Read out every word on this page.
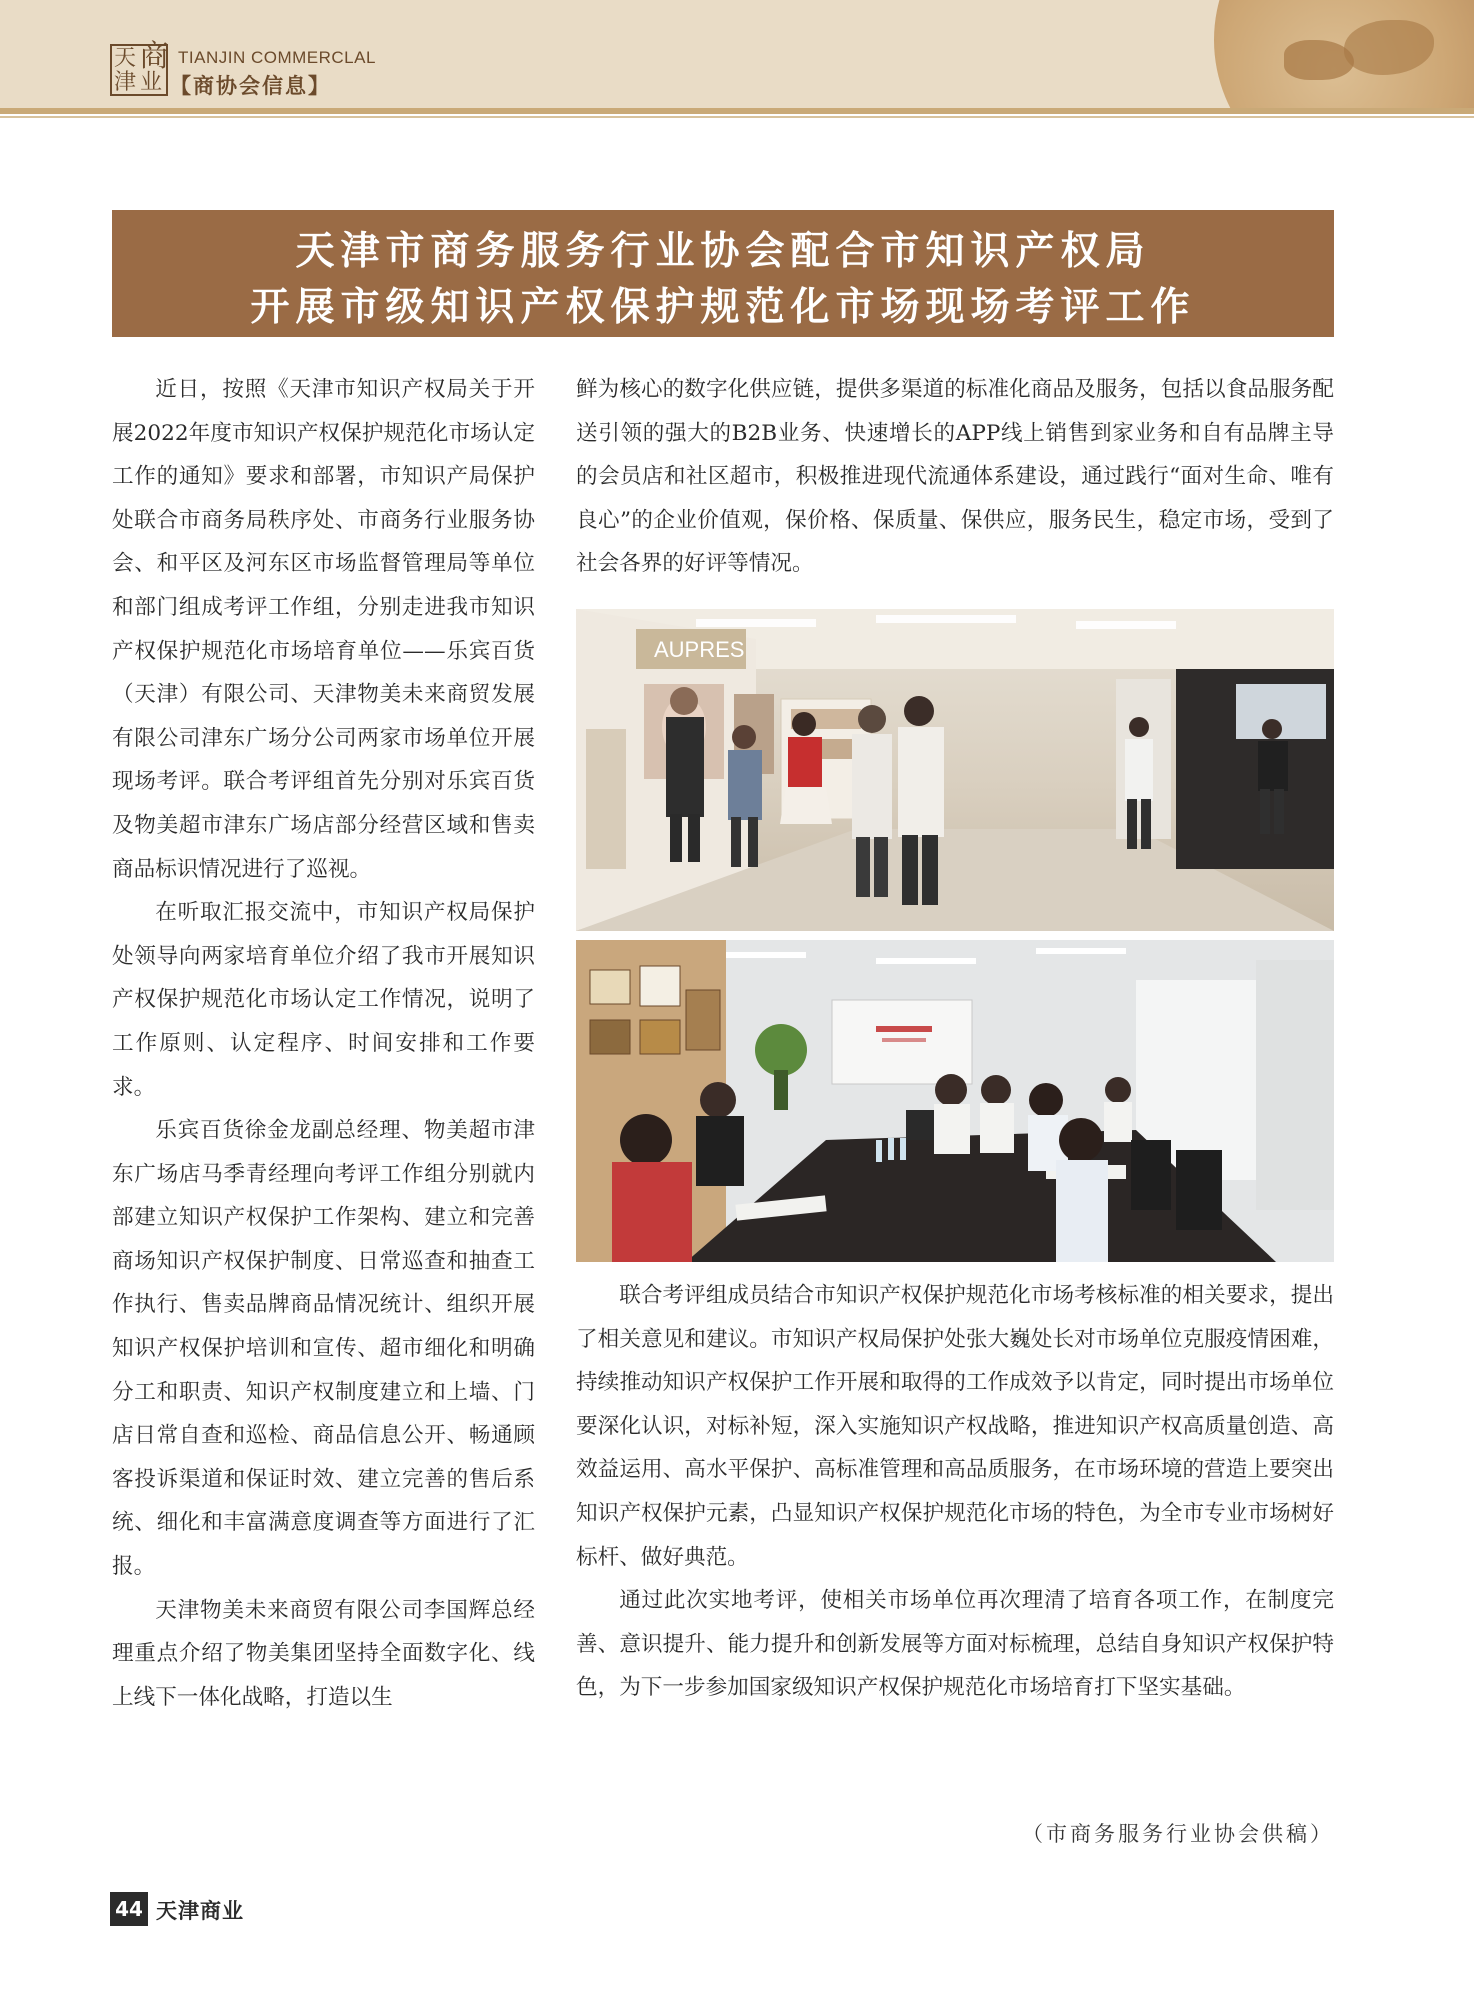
天 商
津 业
TIANJIN COMMERCLAL
【商协会信息】
天津市商务服务行业协会配合市知识产权局
开展市级知识产权保护规范化市场现场考评工作

近日，按照《天津市知识产权局关于开展2022年度市知识产权保护规范化市场认定工作的通知》要求和部署，市知识产局保护处联合市商务局秩序处、市商务行业服务协会、和平区及河东区市场监督管理局等单位和部门组成考评工作组，分别走进我市知识产权保护规范化市场培育单位——乐宾百货（天津）有限公司、天津物美未来商贸发展有限公司津东广场分公司两家市场单位开展现场考评。联合考评组首先分别对乐宾百货及物美超市津东广场店部分经营区域和售卖商品标识情况进行了巡视。

在听取汇报交流中，市知识产权局保护处领导向两家培育单位介绍了我市开展知识产权保护规范化市场认定工作情况，说明了工作原则、认定程序、时间安排和工作要求。

乐宾百货徐金龙副总经理、物美超市津东广场店马季青经理向考评工作组分别就内部建立知识产权保护工作架构、建立和完善商场知识产权保护制度、日常巡查和抽查工作执行、售卖品牌商品情况统计、组织开展知识产权保护培训和宣传、超市细化和明确分工和职责、知识产权制度建立和上墙、门店日常自查和巡检、商品信息公开、畅通顾客投诉渠道和保证时效、建立完善的售后系统、细化和丰富满意度调查等方面进行了汇报。

天津物美未来商贸有限公司李国辉总经理重点介绍了物美集团坚持全面数字化、线上线下一体化战略，打造以生

鲜为核心的数字化供应链，提供多渠道的标准化商品及服务，包括以食品服务配送引领的强大的B2B业务、快速增长的APP线上销售到家业务和自有品牌主导的会员店和社区超市，积极推进现代流通体系建设，通过践行“面对生命、唯有良心”的企业价值观，保价格、保质量、保供应，服务民生，稳定市场，受到了社会各界的好评等情况。

AUPRES

联合考评组成员结合市知识产权保护规范化市场考核标准的相关要求，提出了相关意见和建议。市知识产权局保护处张大巍处长对市场单位克服疫情困难，持续推动知识产权保护工作开展和取得的工作成效予以肯定，同时提出市场单位要深化认识，对标补短，深入实施知识产权战略，推进知识产权高质量创造、高效益运用、高水平保护、高标准管理和高品质服务，在市场环境的营造上要突出知识产权保护元素，凸显知识产权保护规范化市场的特色，为全市专业市场树好标杆、做好典范。

通过此次实地考评，使相关市场单位再次理清了培育各项工作，在制度完善、意识提升、能力提升和创新发展等方面对标梳理，总结自身知识产权保护特色，为下一步参加国家级知识产权保护规范化市场培育打下坚实基础。

（市商务服务行业协会供稿）
44 天津商业
